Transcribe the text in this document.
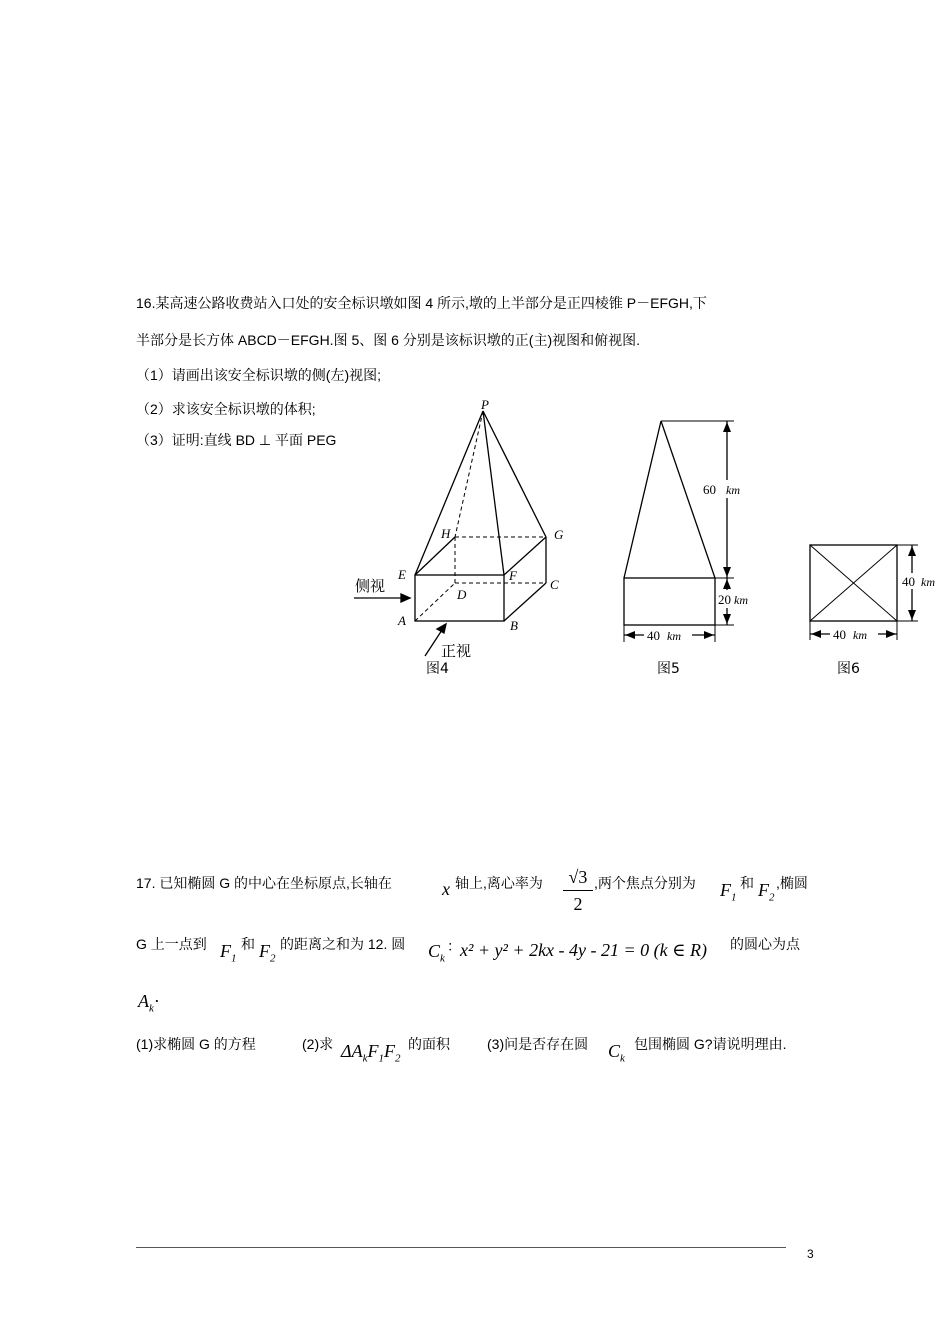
16.某高速公路收费站入口处的安全标识墩如图 4 所示,墩的上半部分是正四棱锥 P－EFGH,下
半部分是长方体 ABCD－EFGH.图 5、图 6 分别是该标识墩的正(主)视图和俯视图.
（1）请画出该安全标识墩的侧(左)视图;
（2）求该安全标识墩的体积;
（3）证明:直线 BD ⊥ 平面 PEG
P
H	G
E	F
D
C
A	B
侧视
正视
图4
60 km
20 km
40 km
图5
40 km
40 km
图6
17. 已知椭圆 G 的中心在坐标原点,长轴在	x 轴上,离心率为	√3
2
,两个焦点分别为 $F_1$
和 $F_2$
,椭圆
G 上一点到 $F_1$
和 $F_2$
的距离之和为 12. 圆 $C_k$
： x² + y² + 2kx - 4y - 21 = 0 (k ∈ R) 的圆心为点
$A_k\cdot$
(1)求椭圆 G 的方程	(2)求 $\Delta A_kF_1F_2$
的面积	(3)问是否存在圆 $C_k$
包围椭圆 G?请说明理由.
3
